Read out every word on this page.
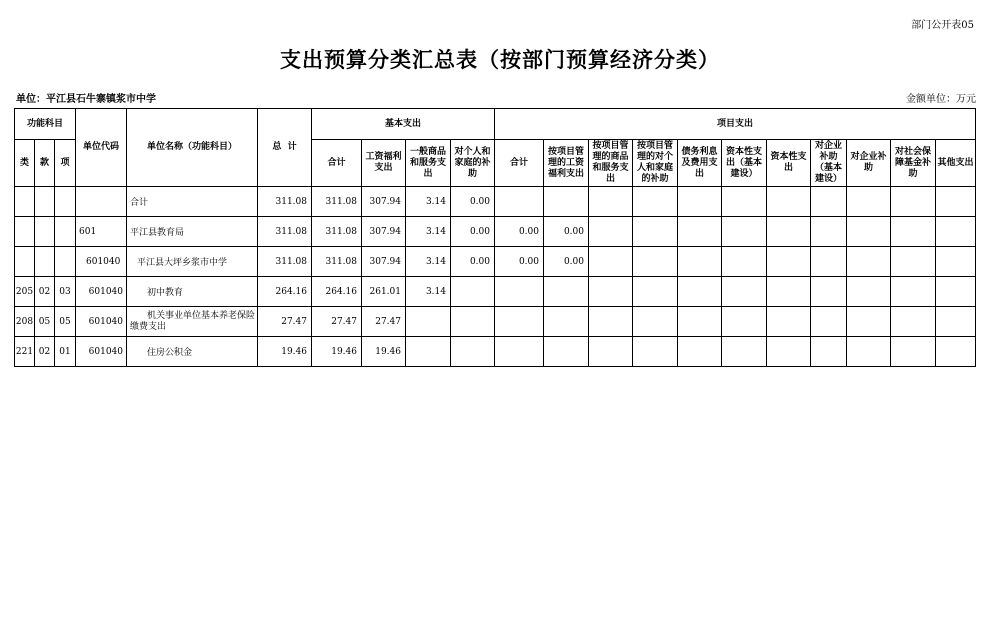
部门公开表05
支出预算分类汇总表（按部门预算经济分类）
单位：平江县石牛寨镇浆市中学	金额单位：万元
功能科目			单位代码	单位名称（功能科目）	总  计	基本支出				项目支出										
类	款	项				合计	工资福利支出	一般商品和服务支出	对个人和家庭的补助	合计	按项目管理的工资福利支出	按项目管理的商品和服务支出	按项目管理的对个人和家庭的补助	债务利息及费用支出	资本性支出（基本建设）	资本性支出	对企业补助（基本建设）	对企业补助	对社会保障基金补助	其他支出
				合计	311.08	311.08	307.94	3.14	0.00											
			601	平江县教育局	311.08	311.08	307.94	3.14	0.00	0.00	0.00									
			601040	平江县大坪乡浆市中学	311.08	311.08	307.94	3.14	0.00	0.00	0.00									
205	02	03	601040	初中教育	264.16	264.16	261.01	3.14												
208	05	05	601040	机关事业单位基本养老保险缴费支出	27.47	27.47	27.47													
221	02	01	601040	住房公积金	19.46	19.46	19.46													
